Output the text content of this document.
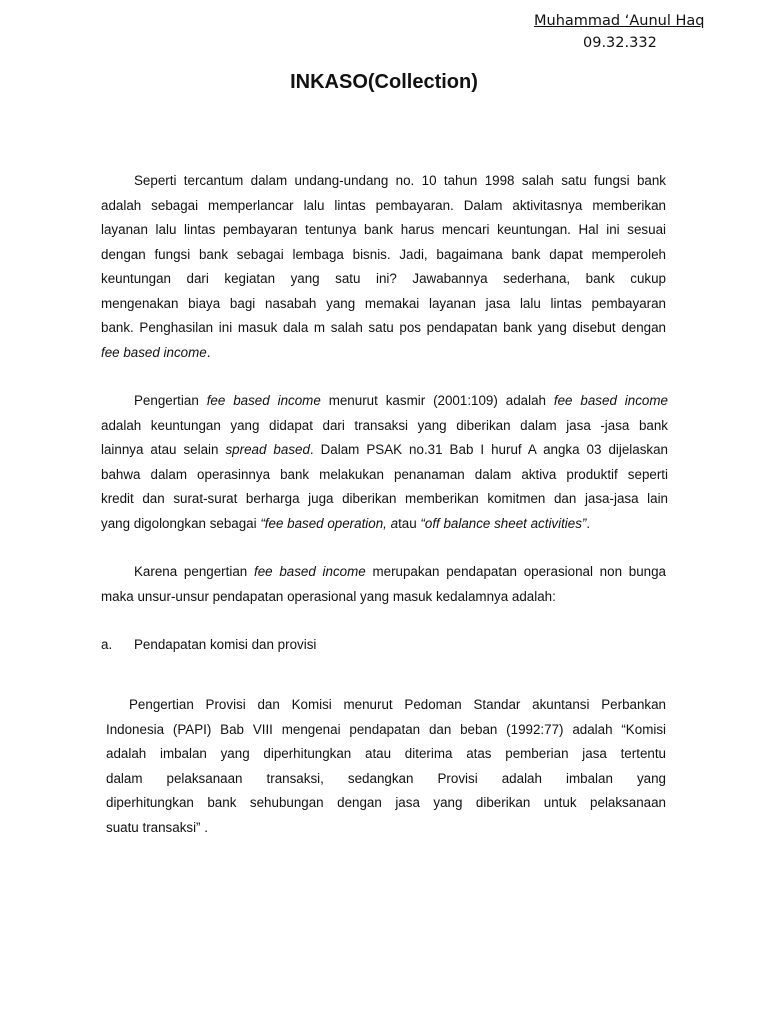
Muhammad ‘Aunul Haq
09.32.332
INKASO(Collection)
Seperti tercantum dalam undang-undang no. 10 tahun 1998 salah satu fungsi bank
adalah sebagai memperlancar lalu lintas pembayaran. Dalam aktivitasnya memberikan
layanan lalu lintas pembayaran tentunya bank harus mencari keuntungan. Hal ini sesuai
dengan fungsi bank sebagai lembaga bisnis. Jadi, bagaimana bank dapat memperoleh
keuntungan dari kegiatan yang satu ini? Jawabannya sederhana, bank cukup
mengenakan biaya bagi nasabah yang memakai layanan jasa lalu lintas pembayaran
bank. Penghasilan ini masuk dala m salah satu pos pendapatan bank yang disebut dengan
fee based income.
Pengertian fee based income menurut kasmir (2001:109) adalah fee based income
adalah keuntungan yang didapat dari transaksi yang diberikan dalam jasa -jasa bank
lainnya atau selain spread based. Dalam PSAK no.31 Bab I huruf A angka 03 dijelaskan
bahwa dalam operasinnya bank melakukan penanaman dalam aktiva produktif seperti
kredit dan surat-surat berharga juga diberikan memberikan komitmen dan jasa-jasa lain
yang digolongkan sebagai “fee based operation, atau “off balance sheet activities”.
Karena pengertian fee based income merupakan pendapatan operasional non bunga
maka unsur-unsur pendapatan operasional yang masuk kedalamnya adalah:
a. Pendapatan komisi dan provisi
Pengertian Provisi dan Komisi menurut Pedoman Standar akuntansi Perbankan
Indonesia (PAPI) Bab VIII mengenai pendapatan dan beban (1992:77) adalah “Komisi
adalah imbalan yang diperhitungkan atau diterima atas pemberian jasa tertentu
dalam pelaksanaan transaksi, sedangkan Provisi adalah imbalan yang
diperhitungkan bank sehubungan dengan jasa yang diberikan untuk pelaksanaan
suatu transaksi” .
